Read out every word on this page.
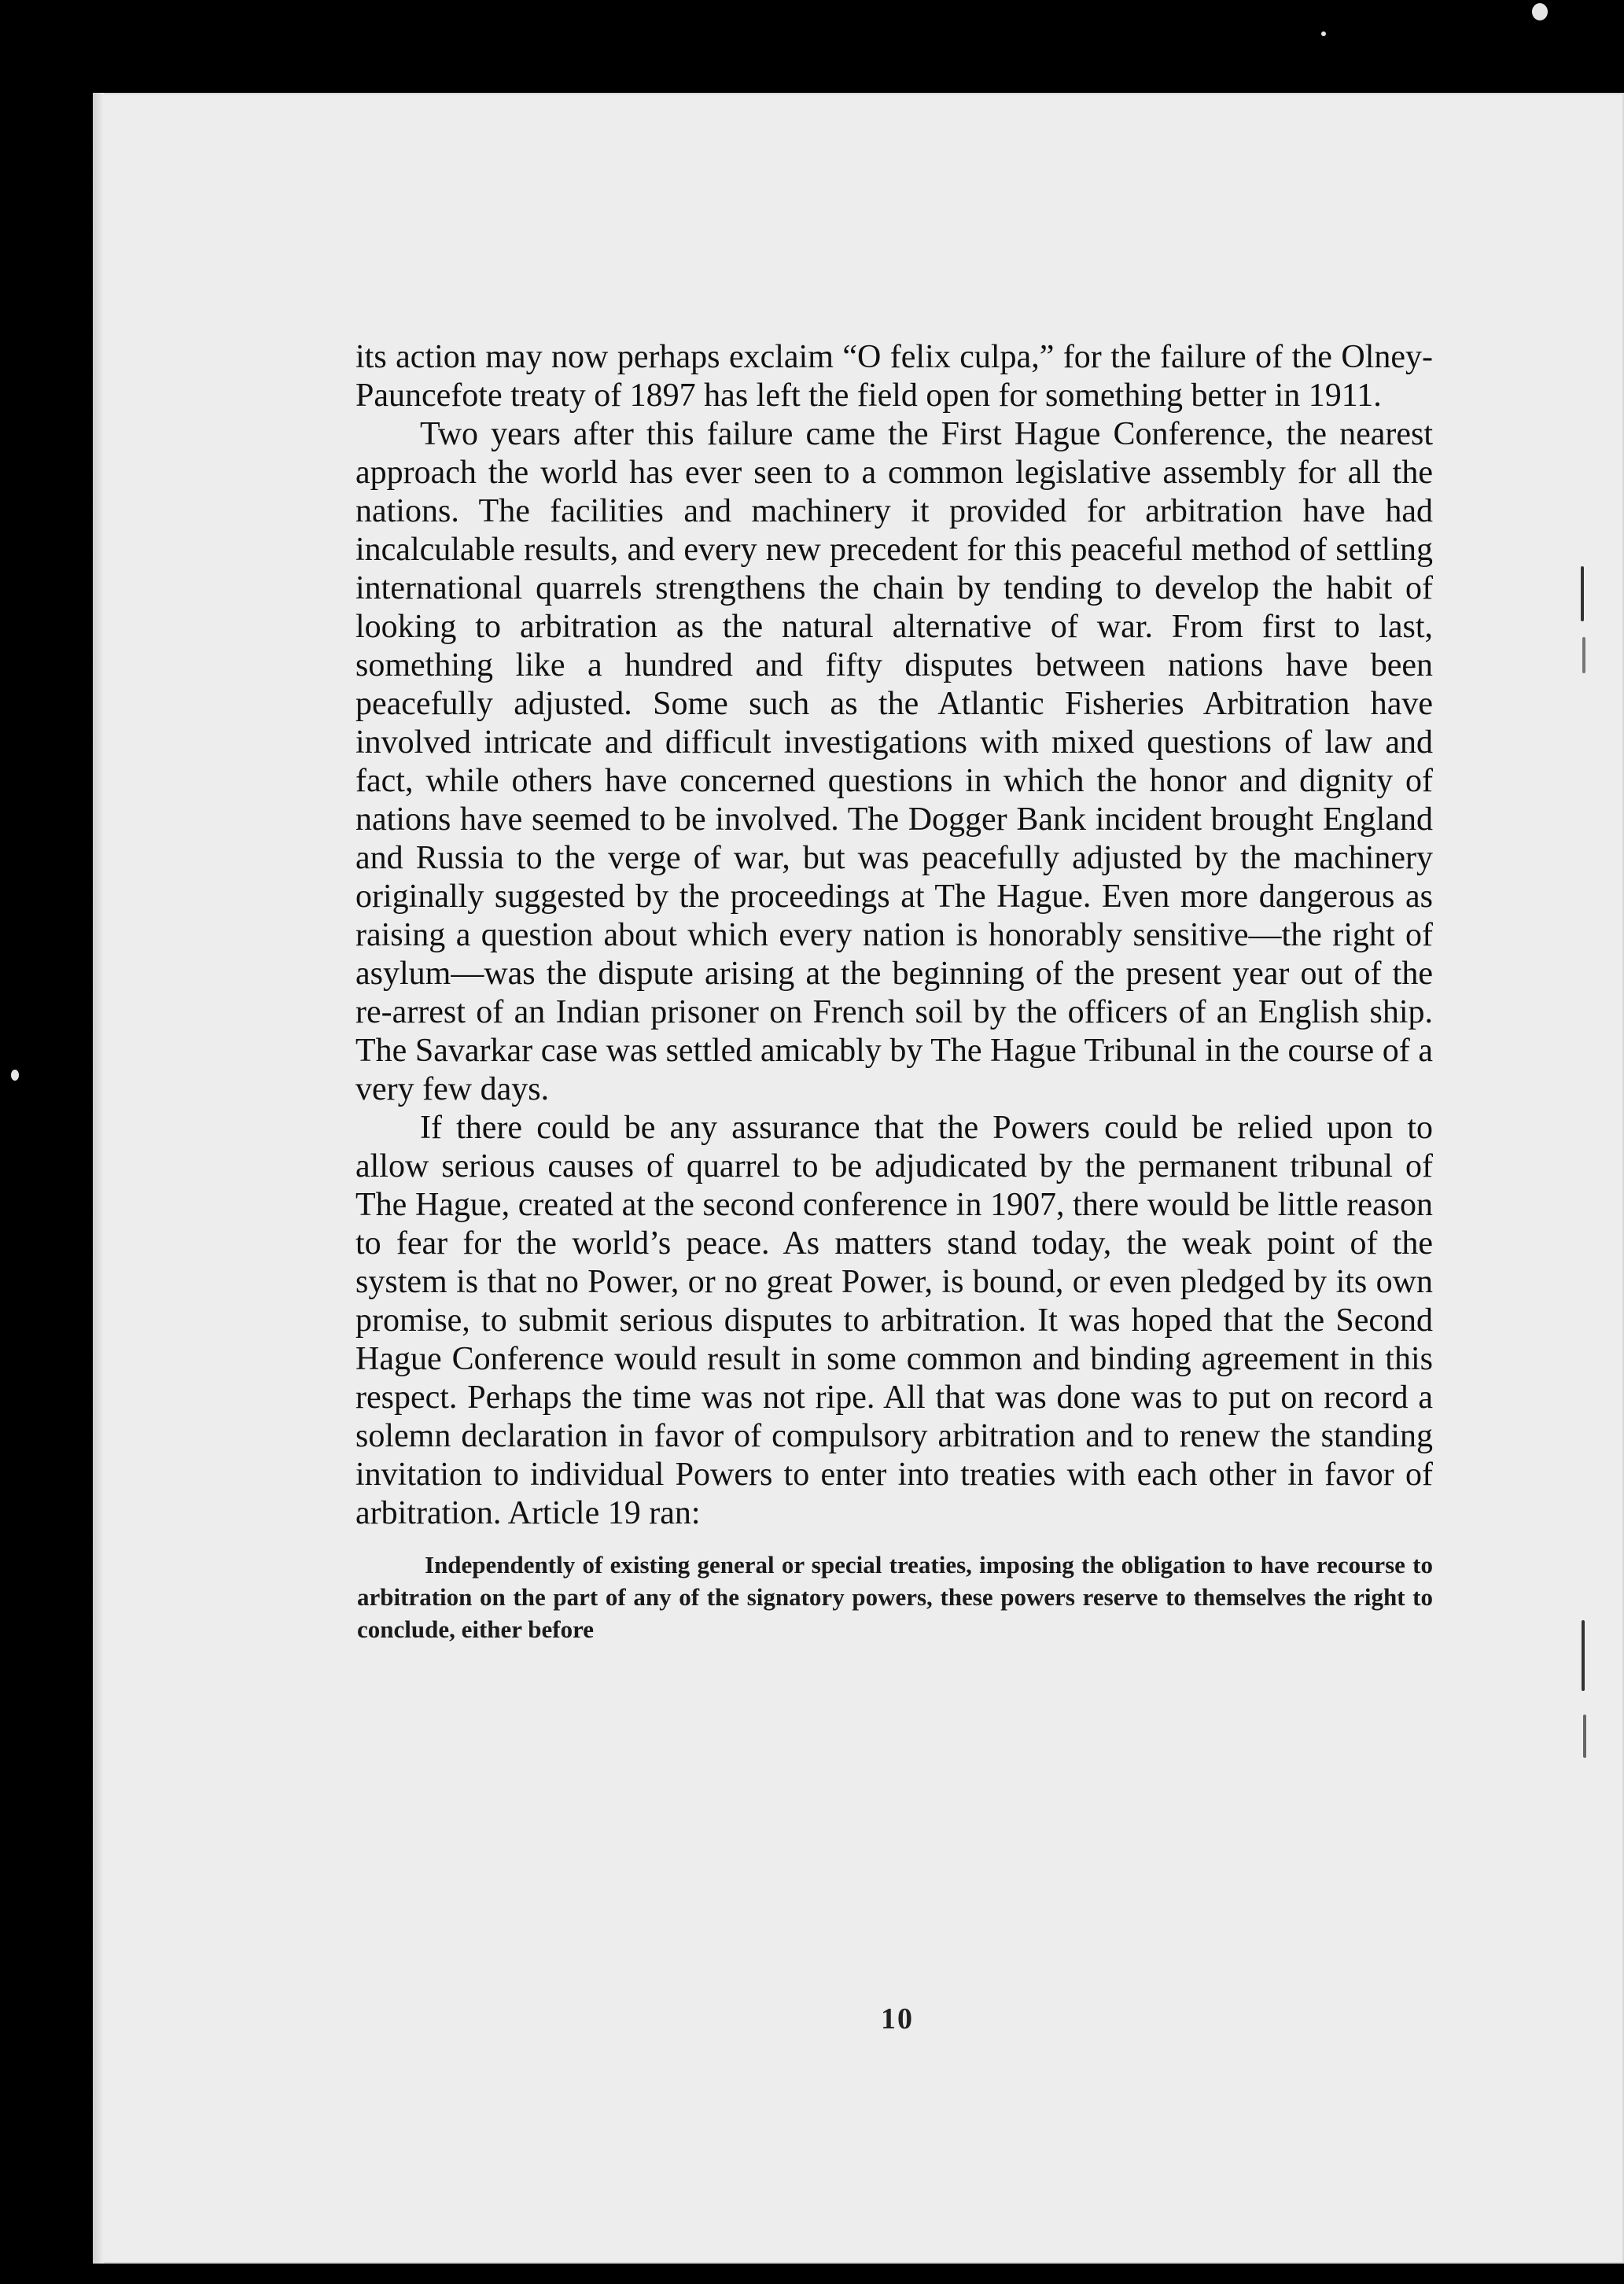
its action may now perhaps exclaim “O felix culpa,” for the failure of the Olney-Pauncefote treaty of 1897 has left the field open for something better in 1911.

Two years after this failure came the First Hague Conference, the nearest approach the world has ever seen to a common legislative assembly for all the nations. The facilities and machinery it provided for arbitration have had incalculable results, and every new precedent for this peaceful method of settling international quarrels strengthens the chain by tending to develop the habit of looking to arbitration as the natural alternative of war. From first to last, something like a hundred and fifty disputes between nations have been peacefully adjusted. Some such as the Atlantic Fisheries Arbitration have involved intricate and difficult investigations with mixed questions of law and fact, while others have concerned questions in which the honor and dignity of nations have seemed to be involved. The Dogger Bank incident brought England and Russia to the verge of war, but was peacefully adjusted by the machinery originally suggested by the proceedings at The Hague. Even more dangerous as raising a question about which every nation is honorably sensitive—the right of asylum—was the dispute arising at the beginning of the present year out of the re-arrest of an Indian prisoner on French soil by the officers of an English ship. The Savarkar case was settled amicably by The Hague Tribunal in the course of a very few days.

If there could be any assurance that the Powers could be relied upon to allow serious causes of quarrel to be adjudicated by the permanent tribunal of The Hague, created at the second conference in 1907, there would be little reason to fear for the world’s peace. As matters stand today, the weak point of the system is that no Power, or no great Power, is bound, or even pledged by its own promise, to submit serious disputes to arbitration. It was hoped that the Second Hague Conference would result in some common and binding agreement in this respect. Perhaps the time was not ripe. All that was done was to put on record a solemn declaration in favor of compulsory arbitration and to renew the standing invitation to individual Powers to enter into treaties with each other in favor of arbitration. Article 19 ran:

Independently of existing general or special treaties, imposing the obligation to have recourse to arbitration on the part of any of the signatory powers, these powers reserve to themselves the right to conclude, either before

10
